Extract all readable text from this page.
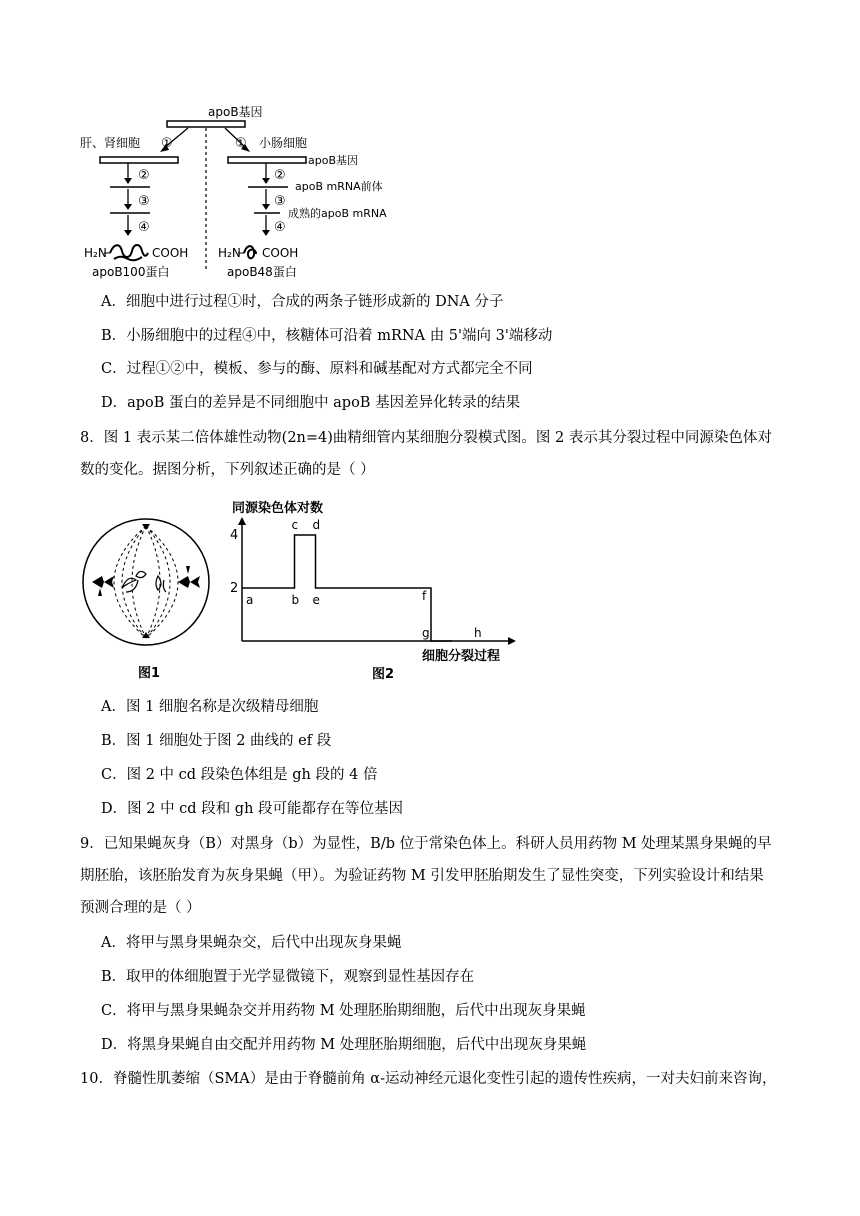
apoB基因
①	①
肝、肾细胞	小肠细胞
②
③
④
H₂N	COOH
apoB100蛋白
apoB基因
②
apoB mRNA前体
③
成熟的apoB mRNA
④
H₂N COOH
apoB48蛋白
A．细胞中进行过程①时，合成的两条子链形成新的 DNA 分子
B．小肠细胞中的过程④中，核糖体可沿着 mRNA 由 5'端向 3'端移动
C．过程①②中，模板、参与的酶、原料和碱基配对方式都完全不同
D．apoB 蛋白的差异是不同细胞中 apoB 基因差异化转录的结果
8．图 1 表示某二倍体雄性动物(2n=4)曲精细管内某细胞分裂模式图。图 2 表示其分裂过程中同源染色体对
数的变化。据图分析，下列叙述正确的是（ ）
图1
同源染色体对数
细胞分裂过程
2
4
a	b
c d
e	f
g	h
图2
A．图 1 细胞名称是次级精母细胞
B．图 1 细胞处于图 2 曲线的 ef 段
C．图 2 中 cd 段染色体组是 gh 段的 4 倍
D．图 2 中 cd 段和 gh 段可能都存在等位基因
9．已知果蝇灰身（B）对黑身（b）为显性，B/b 位于常染色体上。科研人员用药物 M 处理某黑身果蝇的早
期胚胎，该胚胎发育为灰身果蝇（甲）。为验证药物 M 引发甲胚胎期发生了显性突变，下列实验设计和结果
预测合理的是（ ）
A．将甲与黑身果蝇杂交，后代中出现灰身果蝇
B．取甲的体细胞置于光学显微镜下，观察到显性基因存在
C．将甲与黑身果蝇杂交并用药物 M 处理胚胎期细胞，后代中出现灰身果蝇
D．将黑身果蝇自由交配并用药物 M 处理胚胎期细胞，后代中出现灰身果蝇
10．脊髓性肌萎缩（SMA）是由于脊髓前角 α-运动神经元退化变性引起的遗传性疾病，一对夫妇前来咨询，
